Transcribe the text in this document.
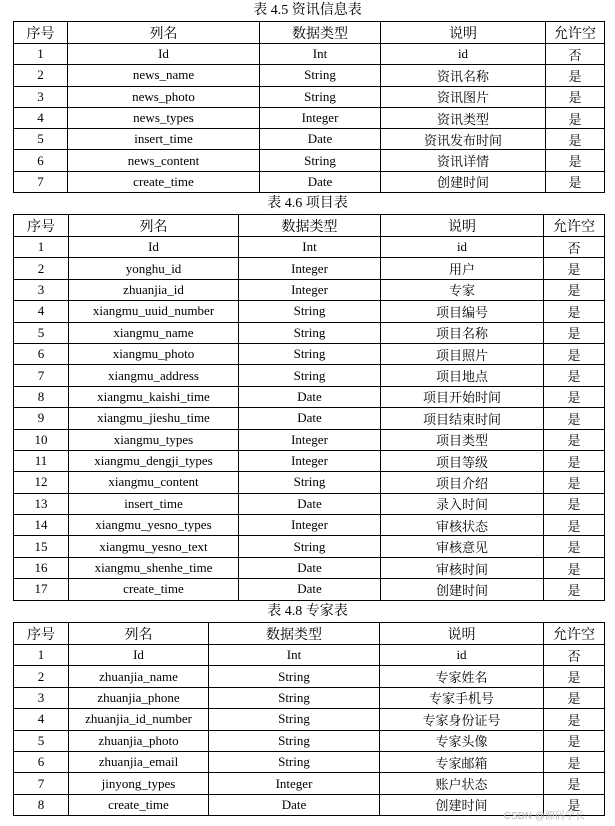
表 4.5 资讯信息表
序号	列名	数据类型	说明	允许空
1	Id	Int	id	否
2	news_name	String	资讯名称	是
3	news_photo	String	资讯图片	是
4	news_types	Integer	资讯类型	是
5	insert_time	Date	资讯发布时间	是
6	news_content	String	资讯详情	是
7	create_time	Date	创建时间	是
表 4.6 项目表
序号	列名	数据类型	说明	允许空
1	Id	Int	id	否
2	yonghu_id	Integer	用户	是
3	zhuanjia_id	Integer	专家	是
4	xiangmu_uuid_number	String	项目编号	是
5	xiangmu_name	String	项目名称	是
6	xiangmu_photo	String	项目照片	是
7	xiangmu_address	String	项目地点	是
8	xiangmu_kaishi_time	Date	项目开始时间	是
9	xiangmu_jieshu_time	Date	项目结束时间	是
10	xiangmu_types	Integer	项目类型	是
11	xiangmu_dengji_types	Integer	项目等级	是
12	xiangmu_content	String	项目介绍	是
13	insert_time	Date	录入时间	是
14	xiangmu_yesno_types	Integer	审核状态	是
15	xiangmu_yesno_text	String	审核意见	是
16	xiangmu_shenhe_time	Date	审核时间	是
17	create_time	Date	创建时间	是
表 4.8 专家表
序号	列名	数据类型	说明	允许空
1	Id	Int	id	否
2	zhuanjia_name	String	专家姓名	是
3	zhuanjia_phone	String	专家手机号	是
4	zhuanjia_id_number	String	专家身份证号	是
5	zhuanjia_photo	String	专家头像	是
6	zhuanjia_email	String	专家邮箱	是
7	jinyong_types	Integer	账户状态	是
8	create_time	Date	创建时间	是
CSDN @源码学长
